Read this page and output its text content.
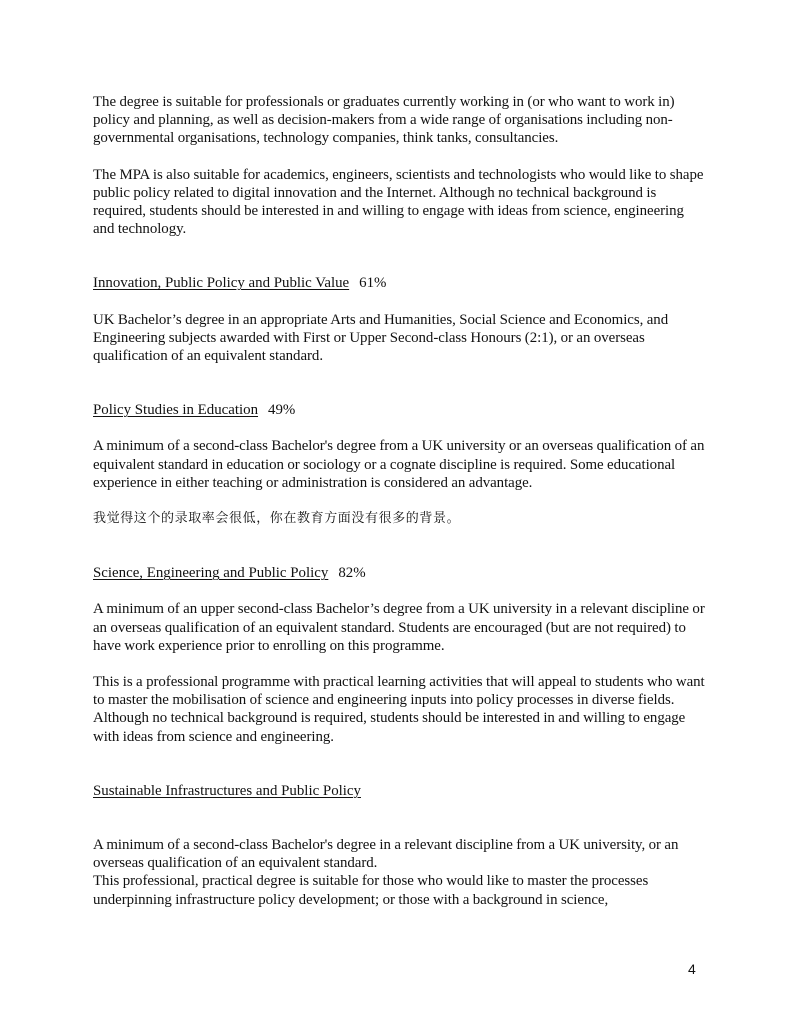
The degree is suitable for professionals or graduates currently working in (or who want to work in) policy and planning, as well as decision-makers from a wide range of organisations including non-governmental organisations, technology companies, think tanks, consultancies.

The MPA is also suitable for academics, engineers, scientists and technologists who would like to shape public policy related to digital innovation and the Internet. Although no technical background is required, students should be interested in and willing to engage with ideas from science, engineering and technology.

Innovation, Public Policy and Public Value 61%

UK Bachelor’s degree in an appropriate Arts and Humanities, Social Science and Economics, and Engineering subjects awarded with First or Upper Second-class Honours (2:1), or an overseas qualification of an equivalent standard.

Policy Studies in Education 49%

A minimum of a second-class Bachelor's degree from a UK university or an overseas qualification of an equivalent standard in education or sociology or a cognate discipline is required. Some educational experience in either teaching or administration is considered an advantage.

我觉得这个的录取率会很低，你在教育方面没有很多的背景。

Science, Engineering and Public Policy 82%

A minimum of an upper second-class Bachelor’s degree from a UK university in a relevant discipline or an overseas qualification of an equivalent standard. Students are encouraged (but are not required) to have work experience prior to enrolling on this programme.

This is a professional programme with practical learning activities that will appeal to students who want to master the mobilisation of science and engineering inputs into policy processes in diverse fields. Although no technical background is required, students should be interested in and willing to engage with ideas from science and engineering.

Sustainable Infrastructures and Public Policy

A minimum of a second-class Bachelor's degree in a relevant discipline from a UK university, or an overseas qualification of an equivalent standard.

This professional, practical degree is suitable for those who would like to master the processes underpinning infrastructure policy development; or those with a background in science,

4
